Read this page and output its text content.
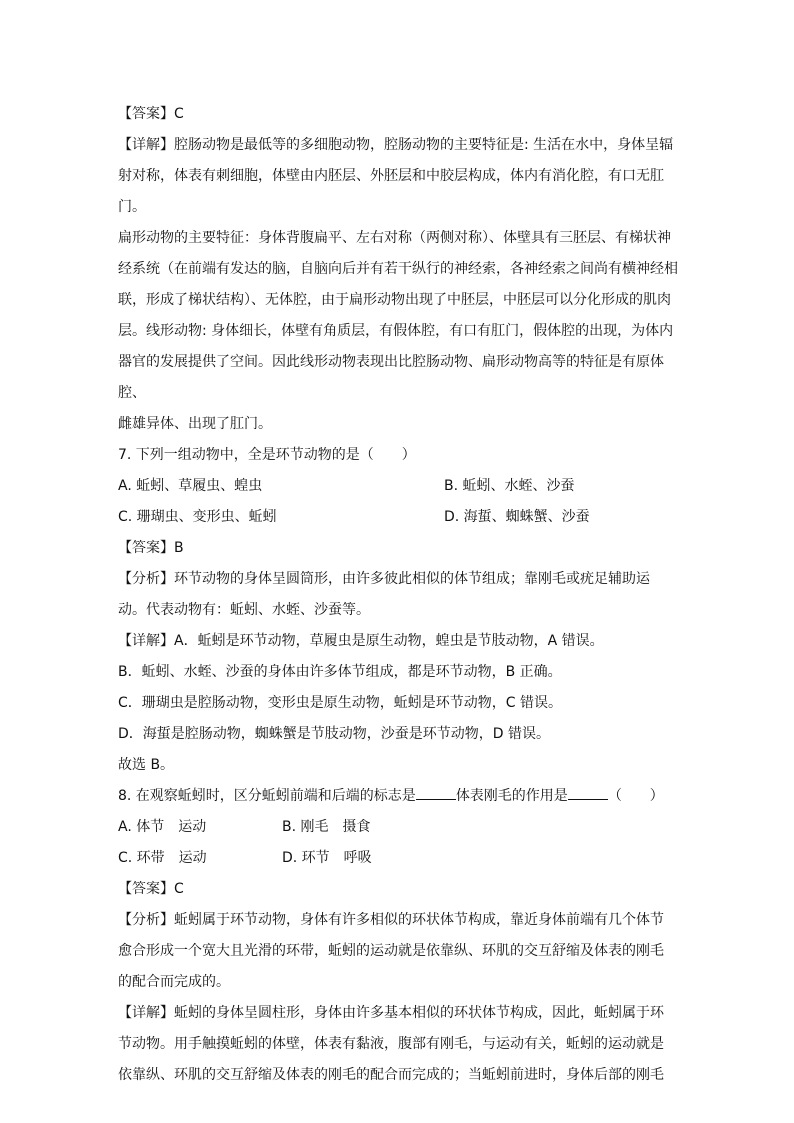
【答案】C

【详解】腔肠动物是最低等的多细胞动物，腔肠动物的主要特征是: 生活在水中，身体呈辐

射对称，体表有刺细胞，体壁由内胚层、外胚层和中胶层构成，体内有消化腔，有口无肛门。

扁形动物的主要特征：身体背腹扁平、左右对称（两侧对称）、体壁具有三胚层、有梯状神

经系统（在前端有发达的脑，自脑向后并有若干纵行的神经索，各神经索之间尚有横神经相

联，形成了梯状结构）、无体腔，由于扁形动物出现了中胚层，中胚层可以分化形成的肌肉

层。线形动物: 身体细长，体壁有角质层，有假体腔，有口有肛门，假体腔的出现，为体内

器官的发展提供了空间。因此线形动物表现出比腔肠动物、扁形动物高等的特征是有原体腔、

雌雄异体、出现了肛门。

7. 下列一组动物中，全是环节动物的是（　　）

A. 蚯蚓、草履虫、蝗虫	B. 蚯蚓、水蛭、沙蚕
C. 珊瑚虫、变形虫、蚯蚓	D. 海蜇、蜘蛛蟹、沙蚕

【答案】B

【分析】环节动物的身体呈圆筒形，由许多彼此相似的体节组成；靠刚毛或疣足辅助运

动。代表动物有：蚯蚓、水蛭、沙蚕等。

【详解】A．蚯蚓是环节动物，草履虫是原生动物，蝗虫是节肢动物，A 错误。

B．蚯蚓、水蛭、沙蚕的身体由许多体节组成，都是环节动物，B 正确。

C．珊瑚虫是腔肠动物，变形虫是原生动物，蚯蚓是环节动物，C 错误。

D．海蜇是腔肠动物，蜘蛛蟹是节肢动物，沙蚕是环节动物，D 错误。

故选 B。

8. 在观察蚯蚓时，区分蚯蚓前端和后端的标志是	体表刚毛的作用是	（　　）

A. 体节　运动	B. 刚毛　摄食
C. 环带　运动	D. 环节　呼吸

【答案】C

【分析】蚯蚓属于环节动物，身体有许多相似的环状体节构成，靠近身体前端有几个体节

愈合形成一个宽大且光滑的环带，蚯蚓的运动就是依靠纵、环肌的交互舒缩及体表的刚毛

的配合而完成的。

【详解】蚯蚓的身体呈圆柱形，身体由许多基本相似的环状体节构成，因此，蚯蚓属于环

节动物。用手触摸蚯蚓的体壁，体表有黏液，腹部有刚毛，与运动有关，蚯蚓的运动就是

依靠纵、环肌的交互舒缩及体表的刚毛的配合而完成的；当蚯蚓前进时，身体后部的刚毛
